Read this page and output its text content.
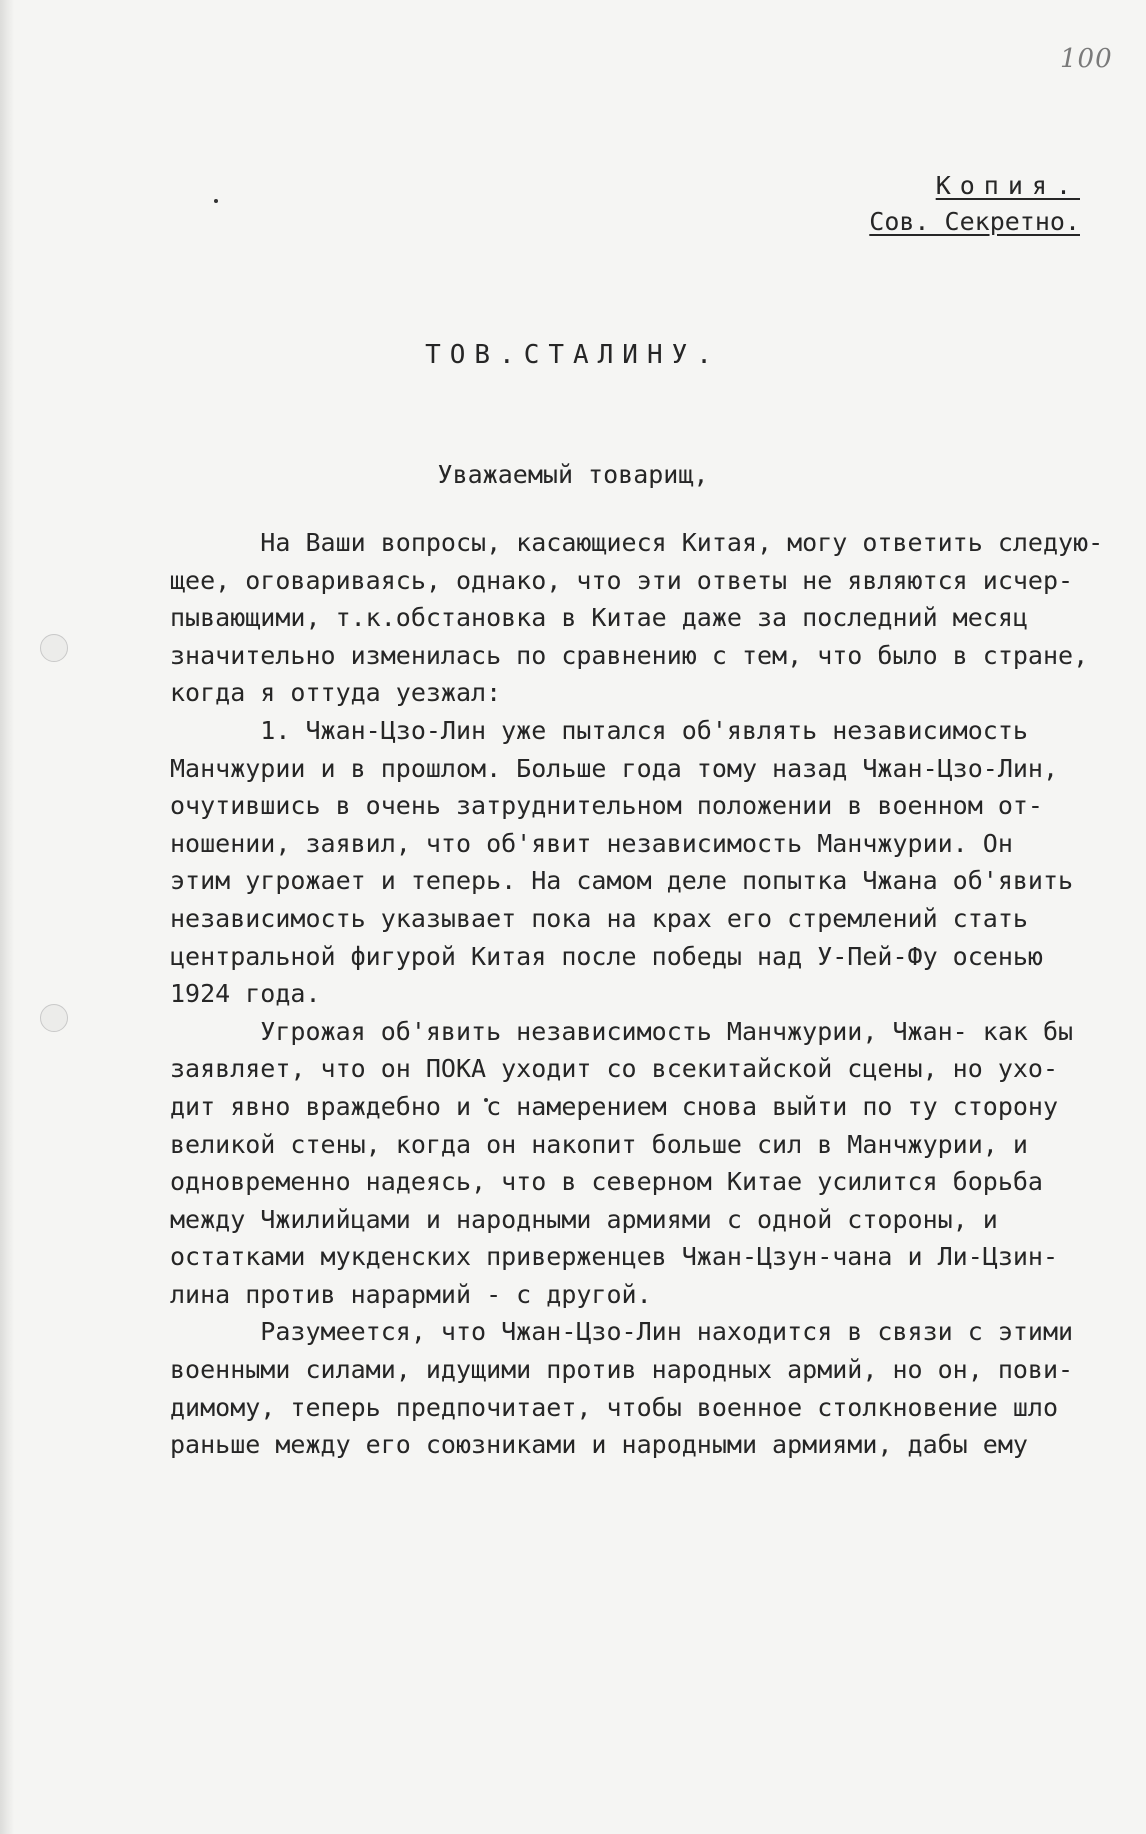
100
Копия.
Сов. Секретно.
ТОВ.СТАЛИНУ.
Уважаемый товарищ,
На Ваши вопросы, касающиеся Китая, могу ответить следую-
щее, оговариваясь, однако, что эти ответы не являются исчер-
пывающими, т.к.обстановка в Китае даже за последний месяц
значительно изменилась по сравнению с тем, что было в стране,
когда я оттуда уезжал:
1. Чжан-Цзо-Лин уже пытался об'являть независимость
Манчжурии и в прошлом. Больше года тому назад Чжан-Цзо-Лин,
очутившись в очень затруднительном положении в военном от-
ношении, заявил, что об'явит независимость Манчжурии. Он
этим угрожает и теперь. На самом деле попытка Чжана об'явить
независимость указывает пока на крах его стремлений стать
центральной фигурой Китая после победы над У-Пей-Фу осенью
1924 года.
Угрожая об'явить независимость Манчжурии, Чжан- как бы
заявляет, что он ПОКА уходит со всекитайской сцены, но ухо-
дит явно враждебно и с намерением снова выйти по ту сторону
великой стены, когда он накопит больше сил в Манчжурии, и
одновременно надеясь, что в северном Китае усилится борьба
между Чжилийцами и народными армиями с одной стороны, и
остатками мукденских приверженцев Чжан-Цзун-чана и Ли-Цзин-
лина против нарармий - с другой.
Разумеется, что Чжан-Цзо-Лин находится в связи с этими
военными силами, идущими против народных армий, но он, пови-
димому, теперь предпочитает, чтобы военное столкновение шло
раньше между его союзниками и народными армиями, дабы ему
